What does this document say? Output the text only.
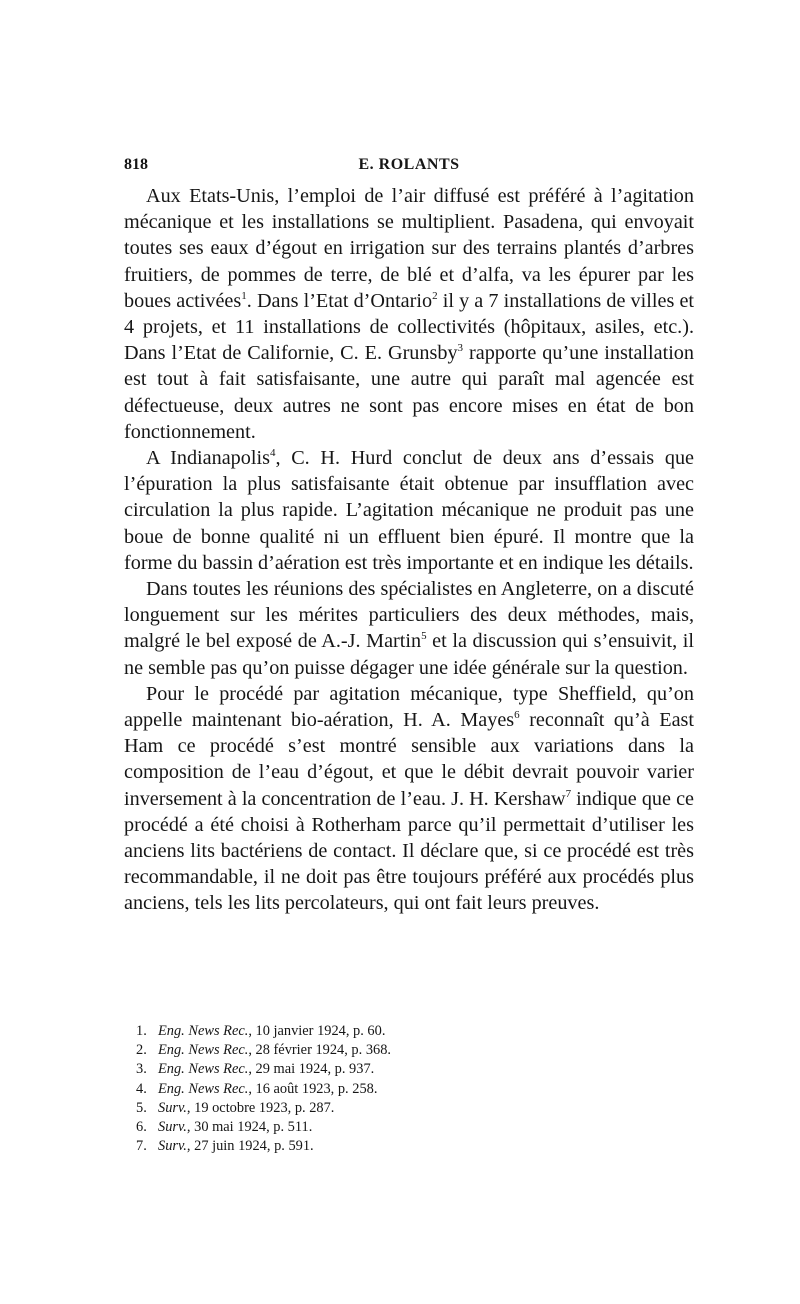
818	E. ROLANTS

Aux Etats-Unis, l’emploi de l’air diffusé est préféré à l’agitation mécanique et les installations se multiplient. Pasadena, qui envoyait toutes ses eaux d’égout en irrigation sur des terrains plantés d’arbres fruitiers, de pommes de terre, de blé et d’alfa, va les épurer par les boues activées$^1$. Dans l’Etat d’Ontario$^2$ il y a 7 installations de villes et 4 projets, et 11 installations de collectivités (hôpitaux, asiles, etc.). Dans l’Etat de Californie, C. E. Grunsby$^3$ rapporte qu’une installation est tout à fait satisfaisante, une autre qui paraît mal agencée est défectueuse, deux autres ne sont pas encore mises en état de bon fonctionnement.

A Indianapolis$^4$, C. H. Hurd conclut de deux ans d’essais que l’épuration la plus satisfaisante était obtenue par insufflation avec circulation la plus rapide. L’agitation mécanique ne produit pas une boue de bonne qualité ni un effluent bien épuré. Il montre que la forme du bassin d’aération est très importante et en indique les détails.

Dans toutes les réunions des spécialistes en Angleterre, on a discuté longuement sur les mérites particuliers des deux méthodes, mais, malgré le bel exposé de A.-J. Martin$^5$ et la discussion qui s’ensuivit, il ne semble pas qu’on puisse dégager une idée générale sur la question.

Pour le procédé par agitation mécanique, type Sheffield, qu’on appelle maintenant bio-aération, H. A. Mayes$^6$ reconnaît qu’à East Ham ce procédé s’est montré sensible aux variations dans la composition de l’eau d’égout, et que le débit devrait pouvoir varier inversement à la concentration de l’eau. J. H. Kershaw$^7$ indique que ce procédé a été choisi à Rotherham parce qu’il permettait d’utiliser les anciens lits bactériens de contact. Il déclare que, si ce procédé est très recommandable, il ne doit pas être toujours préféré aux procédés plus anciens, tels les lits percolateurs, qui ont fait leurs preuves.

1. Eng. News Rec., 10 janvier 1924, p. 60.
2. Eng. News Rec., 28 février 1924, p. 368.
3. Eng. News Rec., 29 mai 1924, p. 937.
4. Eng. News Rec., 16 août 1923, p. 258.
5. Surv., 19 octobre 1923, p. 287.
6. Surv., 30 mai 1924, p. 511.
7. Surv., 27 juin 1924, p. 591.
